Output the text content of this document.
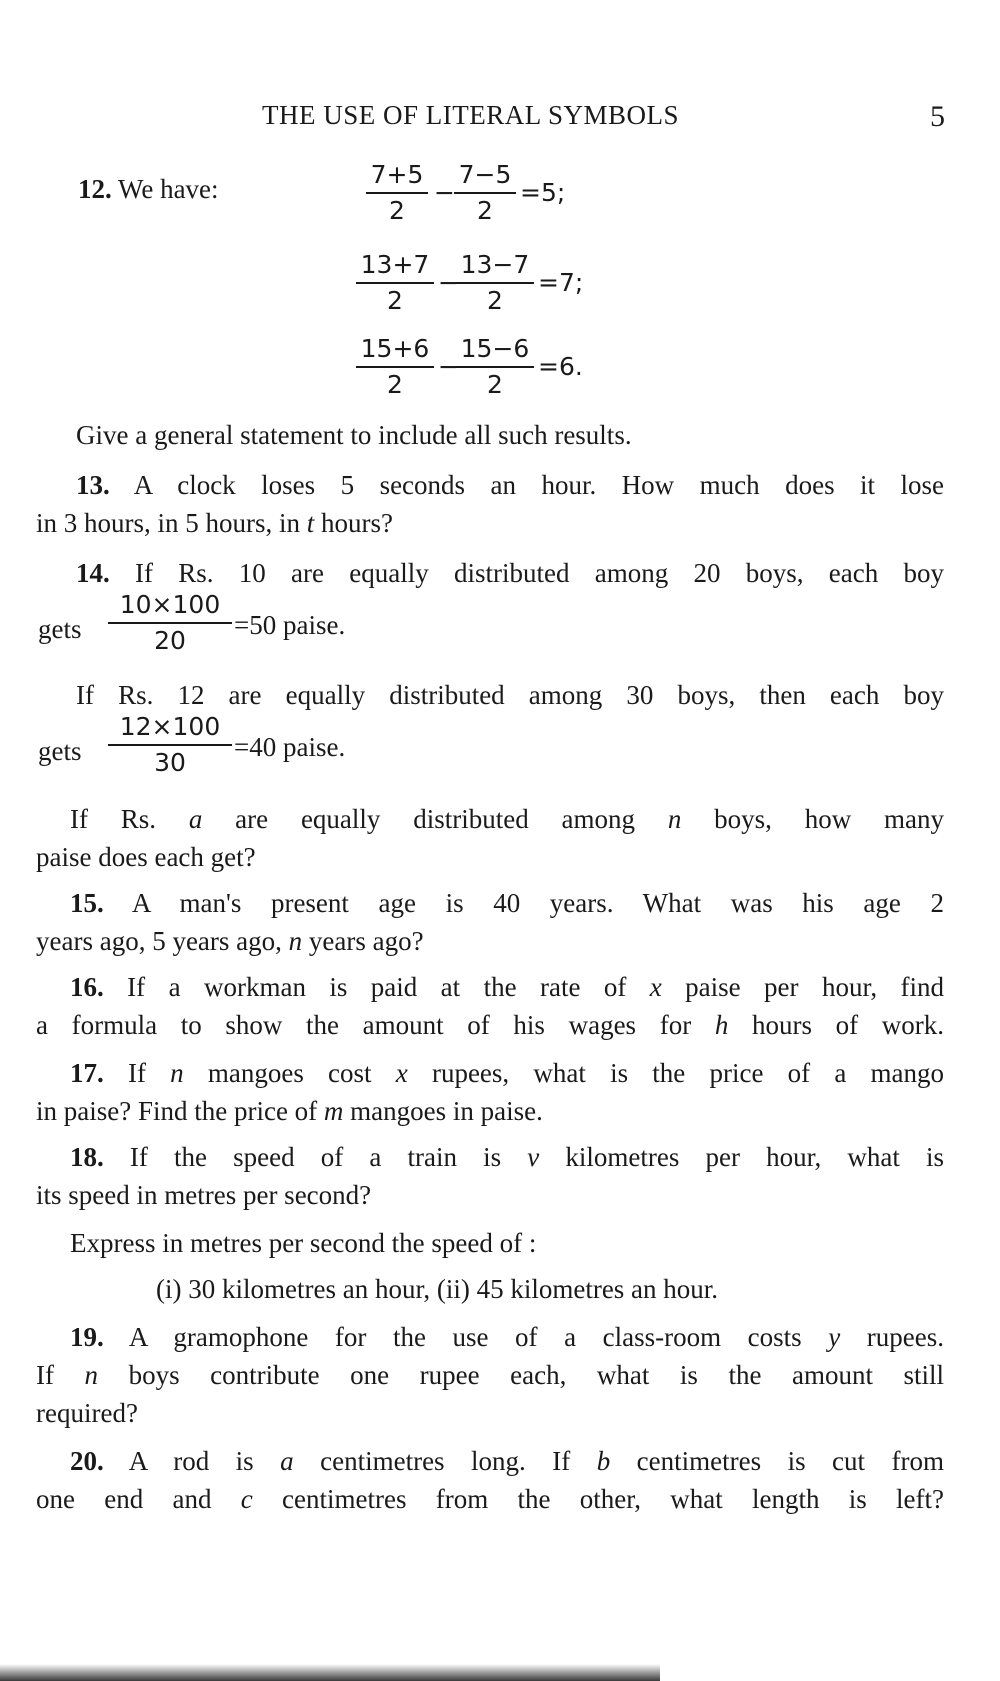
THE USE OF LITERAL SYMBOLS	5
12. We have:	$\frac{7+5}{2} - \frac{7-5}{2} =5$;
$\frac{13+7}{2}$ −
$\frac{13-7}{2} =7$;
$\frac{15+6}{2}$ −
$\frac{15-6}{2} =6$.
Give a general statement to include all such results.
13. A clock loses 5 seconds an hour. How much does it lose
in 3 hours, in 5 hours, in t hours?
14. If Rs. 10 are equally distributed among 20 boys, each boy
gets $\frac{10\times 100}{20} =50$ paise.
If Rs. 12 are equally distributed among 30 boys, then each boy
gets $\frac{12\times 100}{30} =40$ paise.
If Rs. a are equally distributed among n boys, how many
paise does each get?
15. A man's present age is 40 years. What was his age 2
years ago, 5 years ago, n years ago?
16. If a workman is paid at the rate of x paise per hour, find
a formula to show the amount of his wages for h hours of work.
17. If n mangoes cost x rupees, what is the price of a mango
in paise? Find the price of m mangoes in paise.
18. If the speed of a train is v kilometres per hour, what is
its speed in metres per second?
Express in metres per second the speed of :
(i) 30 kilometres an hour, (ii) 45 kilometres an hour.
19. A gramophone for the use of a class-room costs y rupees.
If n boys contribute one rupee each, what is the amount still
required?
20. A rod is a centimetres long. If b centimetres is cut from
one end and c centimetres from the other, what length is left?
